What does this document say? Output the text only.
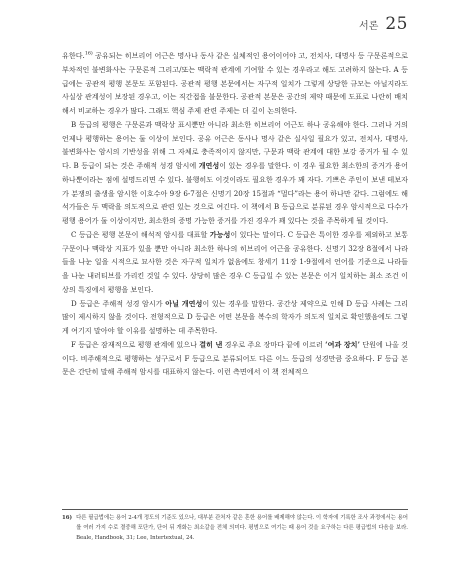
서론 25

유한다.$^{16)}$ 공유되는 히브리어 어근은 명사나 동사 같은 실체적인 용어이어야 고, 전치사, 대명사 등 구문론적으로 부차적인 불변화사는 구문론적 그리고/또는 맥락적 관계에 기여할 수 있는 경우라고 해도 고려하지 않는다. A 등급에는 공관적 평행 본문도 포함된다. 공관적 평행 본문에서는 자구적 일치가 그렇게 상당한 규모는 아닐지라도 사실상 관계성이 보장된 경우고, 이는 직간접을 불문한다. 공관적 본문은 공간의 제약 때문에 도표로 나란히 배치해서 비교하는 경우가 많다. 그래도 핵심 주제 관련 주제는 더 깊이 논의한다.

B 등급의 평행은 구문론과 맥락상 표시뿐만 아니라 최소한 히브리어 어근도 하나 공유해야 한다. 그러나 거의 언제나 평행하는 용어는 둘 이상이 보인다. 공유 어근은 동사나 명사 같은 실사일 필요가 있고, 전치사, 대명사, 불변화사는 암시의 기반성을 위해 그 자체로 충족적이지 않지만, 구문과 맥락 관계에 대한 보강 증거가 될 수 있다. B 등급이 되는 것은 주해적 성경 암시에 개연성이 있는 경우를 말한다. 이 경우 필요한 최소한의 증거가 용어 하나뿐이라는 점에 설명드리면 수 있다. 불행히도 이것이라도 필요한 경우가 꽤 자다. 기쁘은 주인이 보낸 테보자가 분쟁의 출생을 암시한 이호수아 9장 6-7절은 신명기 20장 15절과 “멀다”라는 용어 하나만 같다. 그럼에도 해석가들은 두 맥락을 의도적으로 관련 있는 것으로 여긴다. 이 책에서 B 등급으로 분류된 경우 암시적으로 다수가 평행 용어가 둘 이상이지만, 최소한의 증명 가능한 증거를 가진 경우가 꽤 있다는 것을 주목하게 될 것이다.

C 등급은 평행 본문이 해석적 암시를 대표할 가능성이 있다는 말이다. C 등급은 특이한 경우를 제외하고 보통 구문이나 맥락상 지표가 있을 뿐만 아니라 최소한 하나의 히브리어 어근을 공유한다. 신명기 32장 8절에서 나라들을 나눈 일을 시적으로 묘사한 것은 자구적 일치가 없음에도 창세기 11장 1-9절에서 언어를 기준으로 나라들을 나눈 내러티브를 가리킨 것일 수 있다. 상당히 많은 경우 C 등급일 수 있는 본문은 이거 일치하는 최소 조건 이상의 특징에서 평행을 보인다.

D 등급은 주해적 성경 암시가 아닐 개연성이 있는 경우를 말한다. 공간상 제약으로 인해 D 등급 사례는 그리 많이 제시하지 않을 것이다. 전형적으로 D 등급은 어떤 본문을 복수의 학자가 의도적 일치로 확인했음에도 그렇게 여기지 말아야 할 이유를 설명하는 데 주목한다.

F 등급은 잠재적으로 평행 관계에 있으나 결히 낸 경우로 주요 장마다 끝에 이르러 ‘여과 장치’ 단원에 나올 것이다. 비주해적으로 평행하는 성구로서 F 등급으로 분류되어도 다른 이느 등급의 성경만큼 중요하다. F 등급 본문은 간단히 말해 주해적 암시를 대표하지 않는다. 이런 측면에서 이 책 전체적으

16) 다른 필급법에는 용어 2-4개 정도의 기준도 있으나, 대부분 관처자 같은 혼한 용어를 배제해야 않는다. 이 학자에 기록한 조사 과정에서는 용어를 여러 가지 수로 결중해 포단가, 단어 뒤 개화는 최소갈을 전체 의미다. 평범으로 여기는 때 용어 것을 요구하는 다른 평급법의 다음을 보라. Beale, Handbook, 31; Lee, Intertextual, 24.
